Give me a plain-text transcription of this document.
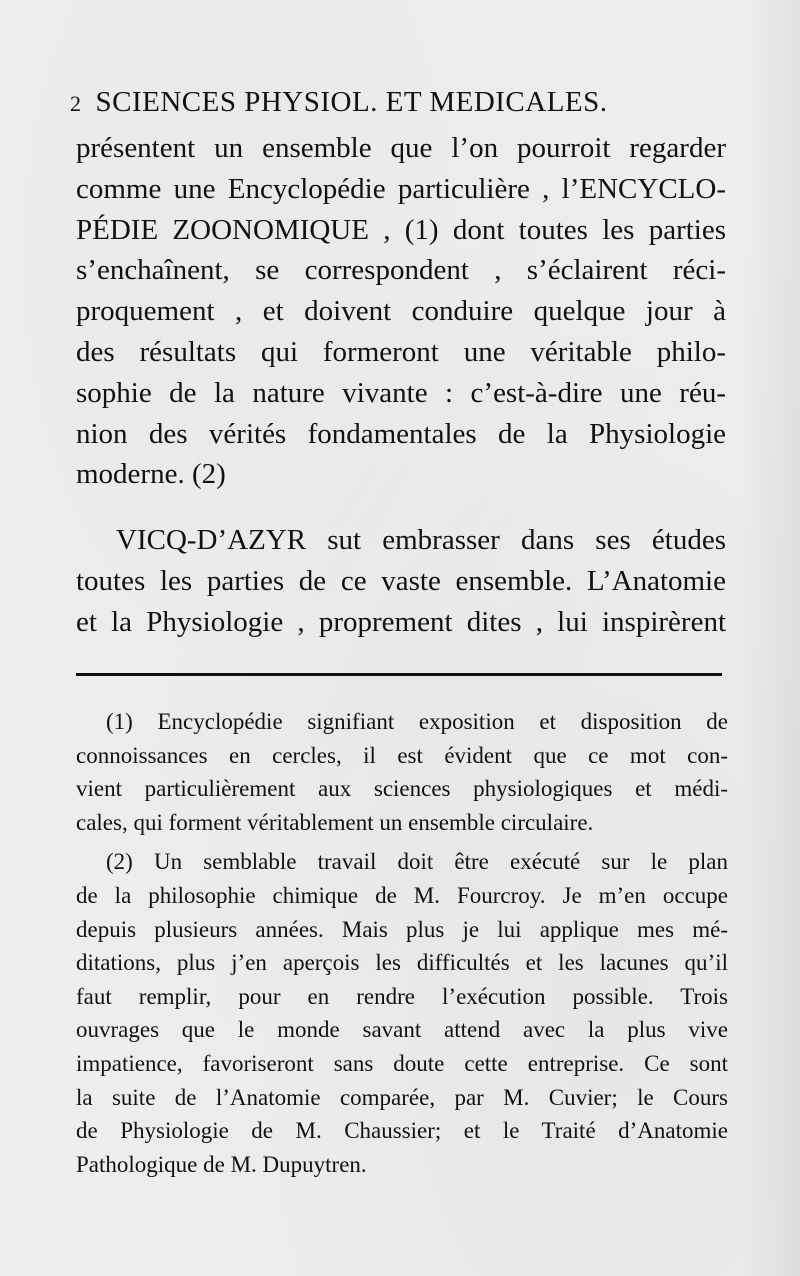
2 SCIENCES PHYSIOL. ET MEDICALES.
présentent un ensemble que l’on pourroit regarder
comme une Encyclopédie particulière , l’ENCYCLO-
PÉDIE ZOONOMIQUE , (1) dont toutes les parties
s’enchaînent, se correspondent , s’éclairent réci-
proquement , et doivent conduire quelque jour à
des résultats qui formeront une véritable philo-
sophie de la nature vivante : c’est-à-dire une réu-
nion des vérités fondamentales de la Physiologie
moderne. (2)
VICQ-D’AZYR sut embrasser dans ses études
toutes les parties de ce vaste ensemble. L’Anatomie
et la Physiologie , proprement dites , lui inspirèrent
(1) Encyclopédie signifiant exposition et disposition de
connoissances en cercles, il est évident que ce mot con-
vient particulièrement aux sciences physiologiques et médi-
cales, qui forment véritablement un ensemble circulaire.
(2) Un semblable travail doit être exécuté sur le plan
de la philosophie chimique de M. Fourcroy. Je m’en occupe
depuis plusieurs années. Mais plus je lui applique mes mé-
ditations, plus j’en aperçois les difficultés et les lacunes qu’il
faut remplir, pour en rendre l’exécution possible. Trois
ouvrages que le monde savant attend avec la plus vive
impatience, favoriseront sans doute cette entreprise. Ce sont
la suite de l’Anatomie comparée, par M. Cuvier; le Cours
de Physiologie de M. Chaussier; et le Traité d’Anatomie
Pathologique de M. Dupuytren.
